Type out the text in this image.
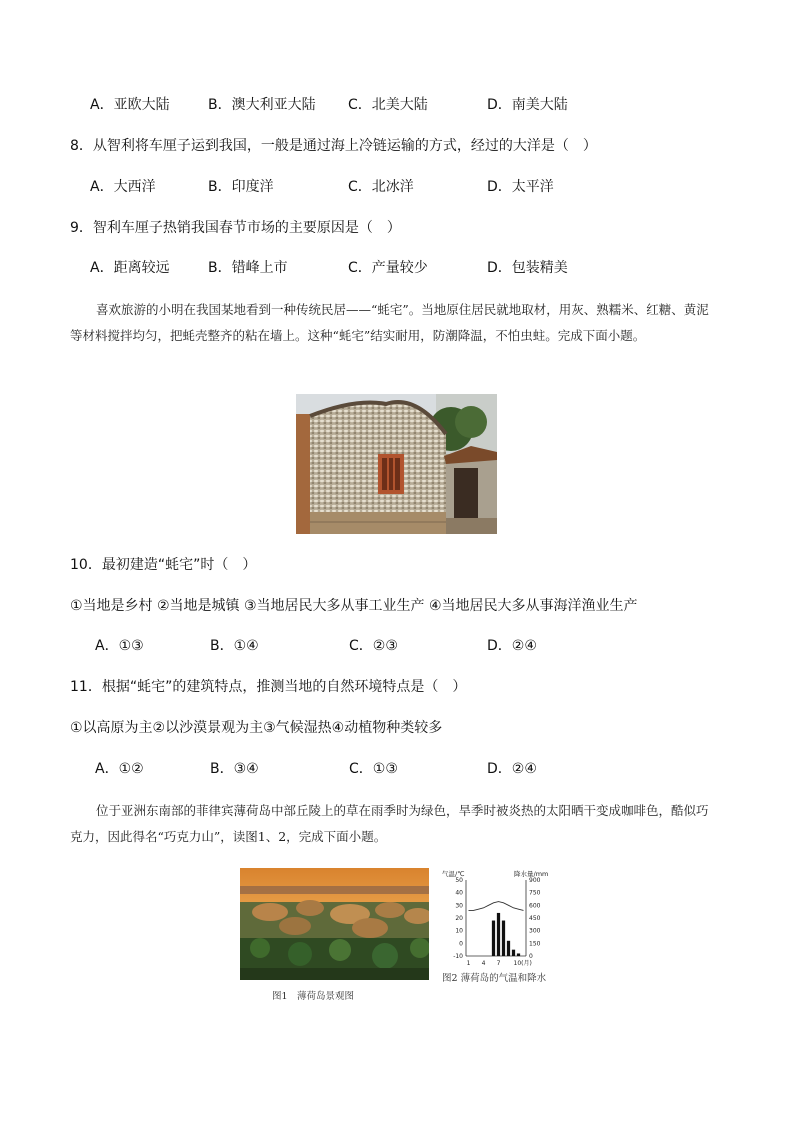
A．亚欧大陆	B．澳大利亚大陆 C．北美大陆	D．南美大陆
8．从智利将车厘子运到我国，一般是通过海上冷链运输的方式，经过的大洋是（　）
A．大西洋	B．印度洋	C．北冰洋	D．太平洋
9．智利车厘子热销我国春节市场的主要原因是（　）
A．距离较远	B．错峰上市	C．产量较少	D．包装精美
喜欢旅游的小明在我国某地看到一种传统民居——“蚝宅”。当地原住居民就地取材，用灰、熟糯米、红糖、黄泥等材料搅拌均匀，把蚝壳整齐的粘在墙上。这种“蚝宅”结实耐用，防潮降温，不怕虫蛀。完成下面小题。
10．最初建造“蚝宅”时（　）
①当地是乡村 ②当地是城镇 ③当地居民大多从事工业生产 ④当地居民大多从事海洋渔业生产
A．①③	B．①④	C．②③	D．②④
11．根据“蚝宅”的建筑特点，推测当地的自然环境特点是（　）
①以高原为主②以沙漠景观为主③气候湿热④动植物种类较多
A．①②	B．③④	C．①③	D．②④
位于亚洲东南部的菲律宾薄荷岛中部丘陵上的草在雨季时为绿色，旱季时被炎热的太阳晒干变成咖啡色，酷似巧克力，因此得名“巧克力山”，读图1、2，完成下面小题。
图1　薄荷岛景观图
气温/℃	降水量/mm
50
40
30
20
10
0
-10
900
750
600
450
300
150
0
1 4 7 10(月)
图2 薄荷岛的气温和降水
